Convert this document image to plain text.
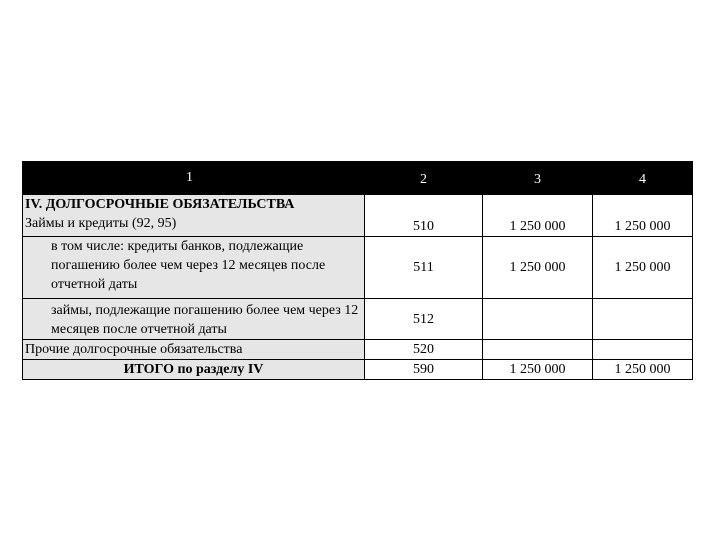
1	2	3	4

IV. ДОЛГОСРОЧНЫЕ ОБЯЗАТЕЛЬСТВА
Займы и кредиты (92, 95)	510	1 250 000	1 250 000

в том числе: кредиты банков, подлежащие погашению более чем через 12 месяцев после отчетной даты	511	1 250 000	1 250 000

займы, подлежащие погашению более чем через 12 месяцев после отчетной даты	512		

Прочие долгосрочные обязательства	520		

ИТОГО по разделу IV	590	1 250 000	1 250 000
